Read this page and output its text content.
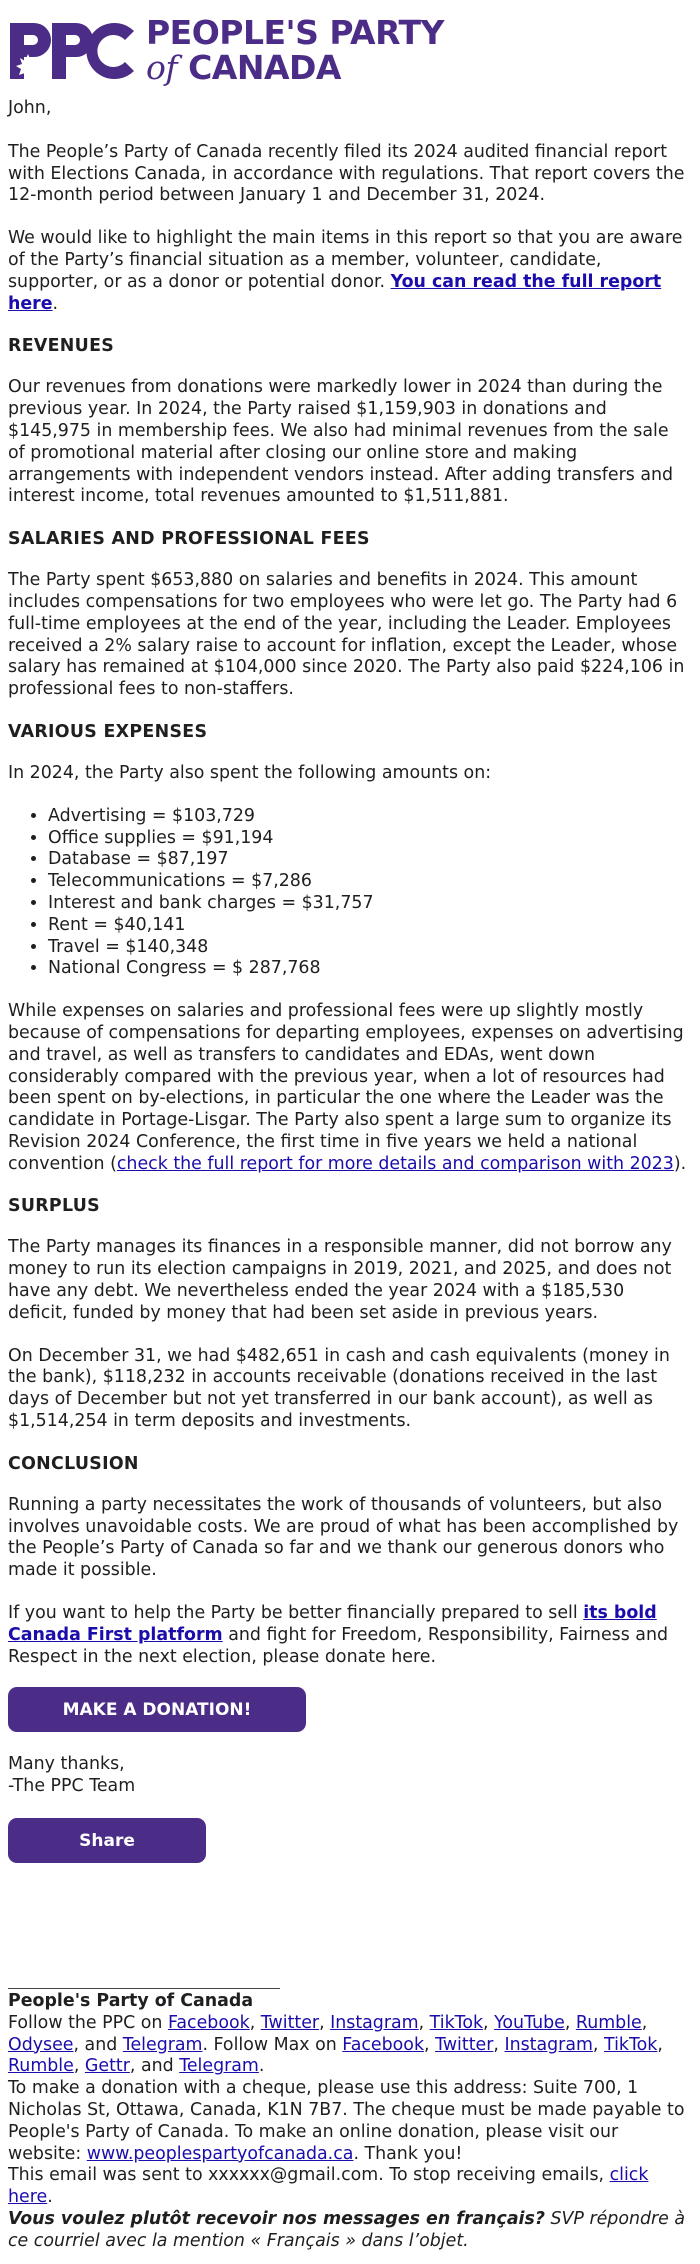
PEOPLE'S PARTY
of CANADA

John,

The People’s Party of Canada recently filed its 2024 audited financial report with Elections Canada, in accordance with regulations. That report covers the 12-month period between January 1 and December 31, 2024.

We would like to highlight the main items in this report so that you are aware of the Party’s financial situation as a member, volunteer, candidate, supporter, or as a donor or potential donor. You can read the full report here.

REVENUES

Our revenues from donations were markedly lower in 2024 than during the previous year. In 2024, the Party raised $1,159,903 in donations and $145,975 in membership fees. We also had minimal revenues from the sale of promotional material after closing our online store and making arrangements with independent vendors instead. After adding transfers and interest income, total revenues amounted to $1,511,881.

SALARIES AND PROFESSIONAL FEES

The Party spent $653,880 on salaries and benefits in 2024. This amount includes compensations for two employees who were let go. The Party had 6 full-time employees at the end of the year, including the Leader. Employees received a 2% salary raise to account for inflation, except the Leader, whose salary has remained at $104,000 since 2020. The Party also paid $224,106 in professional fees to non-staffers.

VARIOUS EXPENSES

In 2024, the Party also spent the following amounts on:

• Advertising = $103,729
• Office supplies = $91,194
• Database = $87,197
• Telecommunications = $7,286
• Interest and bank charges = $31,757
• Rent = $40,141
• Travel = $140,348
• National Congress = $ 287,768

While expenses on salaries and professional fees were up slightly mostly because of compensations for departing employees, expenses on advertising and travel, as well as transfers to candidates and EDAs, went down considerably compared with the previous year, when a lot of resources had been spent on by-elections, in particular the one where the Leader was the candidate in Portage-Lisgar. The Party also spent a large sum to organize its Revision 2024 Conference, the first time in five years we held a national convention (check the full report for more details and comparison with 2023).

SURPLUS

The Party manages its finances in a responsible manner, did not borrow any money to run its election campaigns in 2019, 2021, and 2025, and does not have any debt. We nevertheless ended the year 2024 with a $185,530 deficit, funded by money that had been set aside in previous years.

On December 31, we had $482,651 in cash and cash equivalents (money in the bank), $118,232 in accounts receivable (donations received in the last days of December but not yet transferred in our bank account), as well as $1,514,254 in term deposits and investments.

CONCLUSION

Running a party necessitates the work of thousands of volunteers, but also involves unavoidable costs. We are proud of what has been accomplished by the People’s Party of Canada so far and we thank our generous donors who made it possible.

If you want to help the Party be better financially prepared to sell its bold Canada First platform and fight for Freedom, Responsibility, Fairness and Respect in the next election, please donate here.

MAKE A DONATION!

Many thanks,

-The PPC Team

Share

People's Party of Canada

Follow the PPC on Facebook, Twitter, Instagram, TikTok, YouTube, Rumble, Odysee, and Telegram. Follow Max on Facebook, Twitter, Instagram, TikTok, Rumble, Gettr, and Telegram.

To make a donation with a cheque, please use this address: Suite 700, 1 Nicholas St, Ottawa, Canada, K1N 7B7. The cheque must be made payable to People's Party of Canada. To make an online donation, please visit our website: www.peoplespartyofcanada.ca. Thank you!

This email was sent to xxxxxx@gmail.com. To stop receiving emails, click here.

Vous voulez plutôt recevoir nos messages en français? SVP répondre à ce courriel avec la mention « Français » dans l’objet.
